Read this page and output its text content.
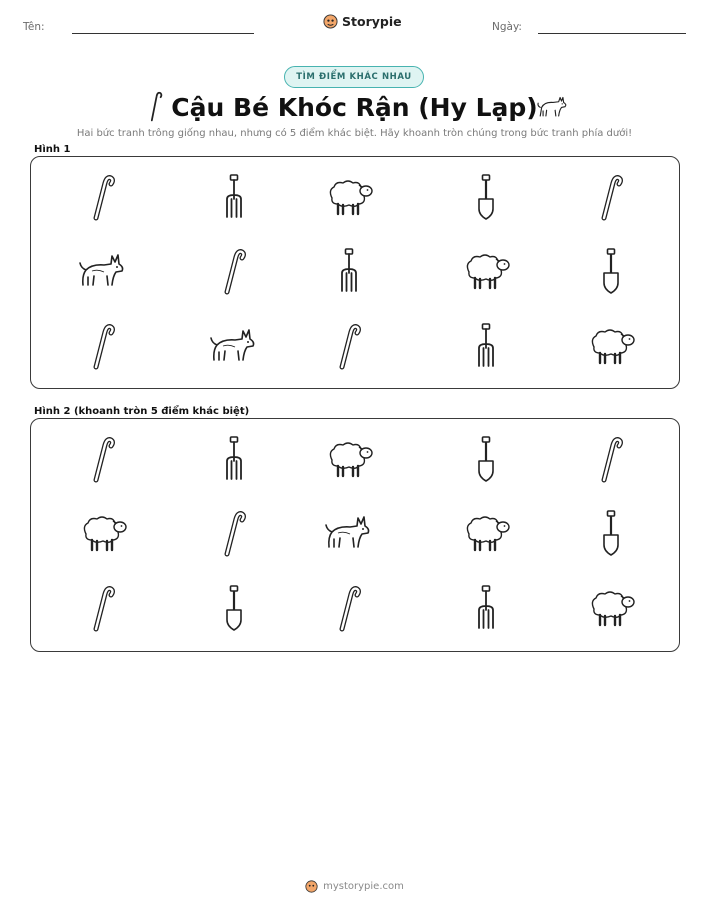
Tên:	Storypie	Ngày:
TÌM ĐIỂM KHÁC NHAU
Cậu Bé Khóc Rận (Hy Lạp)
Hai bức tranh trông giống nhau, nhưng có 5 điểm khác biệt. Hãy khoanh tròn chúng trong bức tranh phía dưới!
Hình 1
Hình 2 (khoanh tròn 5 điểm khác biệt)
mystorypie.com
